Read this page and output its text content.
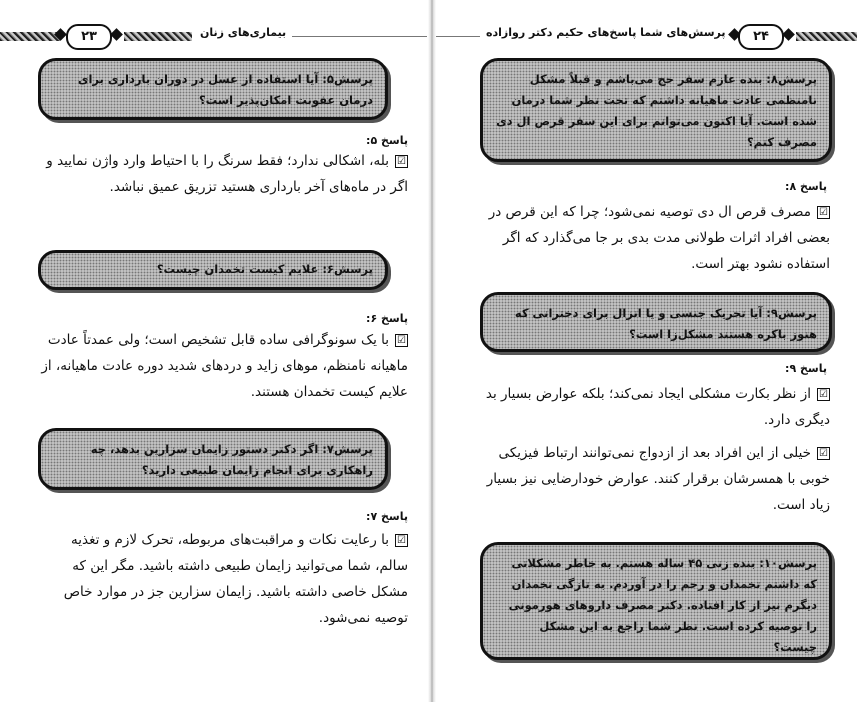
۲۳	بیماری‌های زنان
پرسش۵: آیا استفاده از عسل در دوران بارداری برای درمان عفونت امکان‌پذیر است؟
پاسخ ۵:
☑بله، اشکالی ندارد؛ فقط سرنگ را با احتیاط وارد واژن نمایید و اگر در ماه‌های آخر بارداری هستید تزریق عمیق نباشد.
پرسش۶: علایم کیست تخمدان چیست؟
پاسخ ۶:
☑با یک سونوگرافی ساده قابل تشخیص است؛ ولی عمدتاً عادت ماهیانه نامنظم، موهای زاید و دردهای شدید دوره عادت ماهیانه، از علایم کیست تخمدان هستند.
پرسش۷: اگر دکتر دستور زایمان سزارین بدهد، چه راهکاری برای انجام زایمان طبیعی دارید؟
پاسخ ۷:
☑با رعایت نکات و مراقبت‌های مربوطه، تحرک لازم و تغذیه سالم، شما می‌توانید زایمان طبیعی داشته باشید. مگر این که مشکل خاصی داشته باشید. زایمان سزارین جز در موارد خاص توصیه نمی‌شود.
پرسش‌های شما پاسخ‌های حکیم دکتر روازاده	۲۴
پرسش۸: بنده عازم سفر حج می‌باشم و قبلاً مشکل نامنظمی عادت ماهیانه داشتم که تحت نظر شما درمان شده است. آیا اکنون می‌توانم برای این سفر قرص ال دی مصرف کنم؟
پاسخ ۸:
☑مصرف قرص ال دی توصیه نمی‌شود؛ چرا که این قرص در بعضی افراد اثرات طولانی مدت بدی بر جا می‌گذارد که اگر استفاده نشود بهتر است.
پرسش۹: آیا تحریک جنسی و یا انزال برای دخترانی که هنوز باکره هستند مشکل‌زا است؟
پاسخ ۹:
☑از نظر بکارت مشکلی ایجاد نمی‌کند؛ بلکه عوارض بسیار بد دیگری دارد.
☑خیلی از این افراد بعد از ازدواج نمی‌توانند ارتباط فیزیکی خوبی با همسرشان برقرار کنند. عوارض خودارضایی نیز بسیار زیاد است.
پرسش۱۰: بنده زنی ۴۵ ساله هستم. به خاطر مشکلاتی که داشتم تخمدان و رحم را در آوردم. به تازگی تخمدان دیگرم نیز از کار افتاده. دکتر مصرف داروهای هورمونی را توصیه کرده است. نظر شما راجع به این مشکل چیست؟
